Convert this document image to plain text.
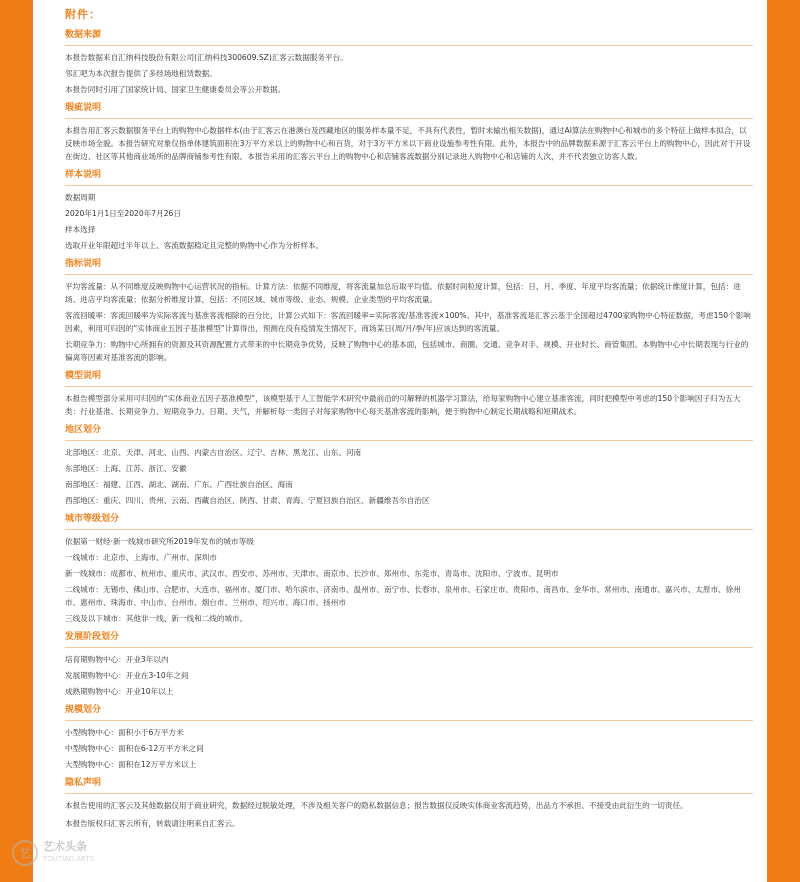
附件：
数据来源
本报告数据来自汇纳科技股份有限公司(汇纳科技300609.SZ)汇客云数据服务平台。
邻汇吧为本次报告提供了多经场地租赁数据。
本报告同时引用了国家统计局、国家卫生健康委员会等公开数据。
瑕疵说明
本报告用汇客云数据服务平台上的购物中心数据样本(由于汇客云在港澳台及西藏地区的服务样本量不足，不具有代表性，暂时未输出相关数据)，通过AI算法在购物中心和城市的多个特征上做样本拟合，以反映市场全貌。本报告研究对象仅指单体建筑面积在3万平方米以上的购物中心和百货，对于3万平方米以下商业设施参考性有限。此外，本报告中的品牌数据来源于汇客云平台上的购物中心，因此对于开设在街边、社区等其他商业场所的品牌商铺参考性有限。本报告采用的汇客云平台上的购物中心和店铺客流数据分别记录进入购物中心和店铺的人次，并不代表独立访客人数。
样本说明
数据周期
2020年1月1日至2020年7月26日
样本选择
选取开业年限超过半年以上、客流数据稳定且完整的购物中心作为分析样本。
指标说明
平均客流量：从不同维度反映购物中心运营状况的指标。计算方法：依据不同维度，将客流量加总后取平均值。依据时间粒度计算，包括：日、月、季度、年度平均客流量；依据统计维度计算，包括：进场、进店平均客流量；依据分析维度计算，包括：不同区域、城市等级、业态、规模、企业类型的平均客流量。
客流回暖率：客流回暖率为实际客流与基准客流相除的百分比，计算公式如下：客流回暖率=实际客流/基准客流×100%。其中，基准客流是汇客云基于全国超过4700家购物中心特征数据，考虑150个影响因素，利用可归因的“实体商业五因子基准模型”计算得出，预测在没有疫情发生情况下，商场某日(周/月/季/年)应该达到的客流量。
长期竞争力：购物中心所拥有的资源及其资源配置方式带来的中长期竞争优势，反映了购物中心的基本面，包括城市、商圈、交通、竞争对手、规模、开业时长、商管集团、本购物中心中长期表现与行业的偏离等因素对基准客流的影响。
模型说明
本报告模型部分采用可归因的“实体商业五因子基准模型”，该模型基于人工智能学术研究中最前沿的可解释的机器学习算法，给每家购物中心建立基准客流，同时把模型中考虑的150个影响因子归为五大类：行业基准、长期竞争力、短期竞争力、日期、天气，并解析每一类因子对每家购物中心每天基准客流的影响，便于购物中心制定长期战略和短期战术。
地区划分
北部地区：北京、天津、河北、山西、内蒙古自治区、辽宁、吉林、黑龙江、山东、河南
东部地区：上海、江苏、浙江、安徽
南部地区：福建、江西、湖北、湖南、广东、广西壮族自治区、海南
西部地区：重庆、四川、贵州、云南、西藏自治区、陕西、甘肃、青海、宁夏回族自治区、新疆维吾尔自治区
城市等级划分
依据第一财经·新一线城市研究所2019年发布的城市等级
一线城市：北京市、上海市、广州市、深圳市
新一线城市：成都市、杭州市、重庆市、武汉市、西安市、苏州市、天津市、南京市、长沙市、郑州市、东莞市、青岛市、沈阳市、宁波市、昆明市
二线城市：无锡市、佛山市、合肥市、大连市、福州市、厦门市、哈尔滨市、济南市、温州市、南宁市、长春市、泉州市、石家庄市、贵阳市、南昌市、金华市、常州市、南通市、嘉兴市、太原市、徐州市、惠州市、珠海市、中山市、台州市、烟台市、兰州市、绍兴市、海口市、扬州市
三线及以下城市：其他非一线、新一线和二线的城市。
发展阶段划分
培育期购物中心：开业3年以内
发展期购物中心：开业在3-10年之间
成熟期购物中心：开业10年以上
规模划分
小型购物中心：面积小于6万平方米
中型购物中心：面积在6-12万平方米之间
大型购物中心：面积在12万平方米以上
隐私声明
本报告使用的汇客云及其他数据仅用于商业研究，数据经过脱敏处理，不涉及相关客户的隐私数据信息；报告数据仅反映实体商业客流趋势，出品方不承担、不接受由此衍生的一切责任。
本报告版权归汇客云所有，转载请注明来自汇客云。
艺
艺术头条
TOUTIAO.ARTS
